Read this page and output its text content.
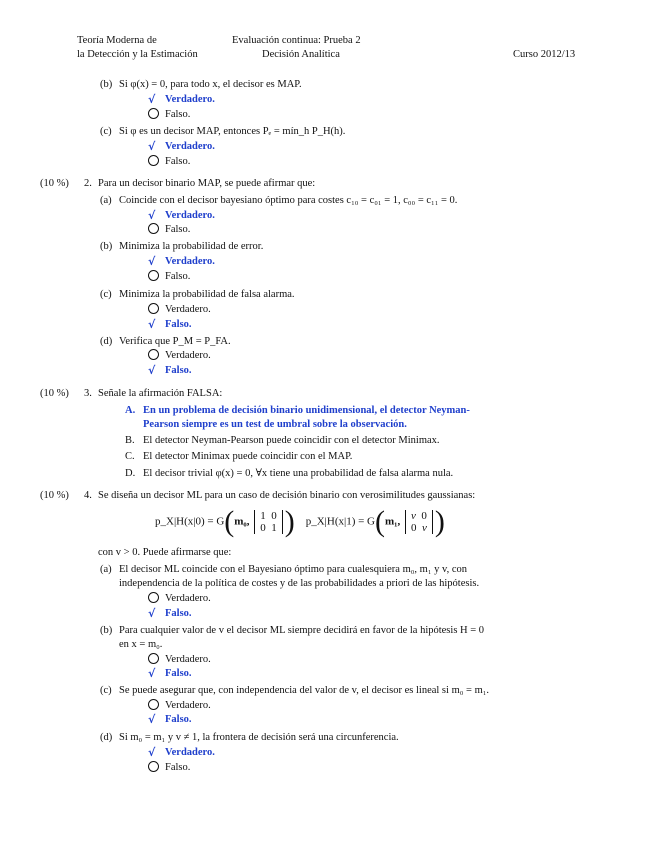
Teoría Moderna de
la Detección y la Estimación
Evaluación continua: Prueba 2
Decisión Analítica	Curso 2012/13
(b) Si φ(x) = 0, para todo x, el decisor es MAP.
√ Verdadero.
Falso.
(c) Si φ es un decisor MAP, entonces Pₑ = mín_h P_H(h).
√ Verdadero.
Falso.
(10 %) 2. Para un decisor binario MAP, se puede afirmar que:
(a) Coincide con el decisor bayesiano óptimo para costes c₁₀ = c₀₁ = 1, c₀₀ = c₁₁ = 0.
√ Verdadero.
Falso.
(b) Minimiza la probabilidad de error.
√ Verdadero.
Falso.
(c) Minimiza la probabilidad de falsa alarma.
Verdadero.
√ Falso.
(d) Verifica que P_M = P_FA.
Verdadero.
√ Falso.
(10 %) 3. Señale la afirmación FALSA:
A. En un problema de decisión binario unidimensional, el detector Neyman-
Pearson siempre es un test de umbral sobre la observación.
B. El detector Neyman-Pearson puede coincidir con el detector Minimax.
C. El detector Minimax puede coincidir con el MAP.
D. El decisor trivial φ(x) = 0, ∀x tiene una probabilidad de falsa alarma nula.
(10 %) 4. Se diseña un decisor ML para un caso de decisión binario con verosimilitudes gaussianas:
p_X|H(x|0) = G(m₀, 1  0
0  1 ) p_X|H(x|1) = G(m₁, v  0
0  v )
con v > 0. Puede afirmarse que:
(a) El decisor ML coincide con el Bayesiano óptimo para cualesquiera m₀, m₁ y v, con
independencia de la política de costes y de las probabilidades a priori de las hipótesis.
Verdadero.
√ Falso.
(b) Para cualquier valor de v el decisor ML siempre decidirá en favor de la hipótesis H = 0
en x = m₀.
Verdadero.
√ Falso.
(c) Se puede asegurar que, con independencia del valor de v, el decisor es lineal si m₀ = m₁.
Verdadero.
√ Falso.
(d) Si m₀ = m₁ y v ≠ 1, la frontera de decisión será una circunferencia.
√ Verdadero.
Falso.
